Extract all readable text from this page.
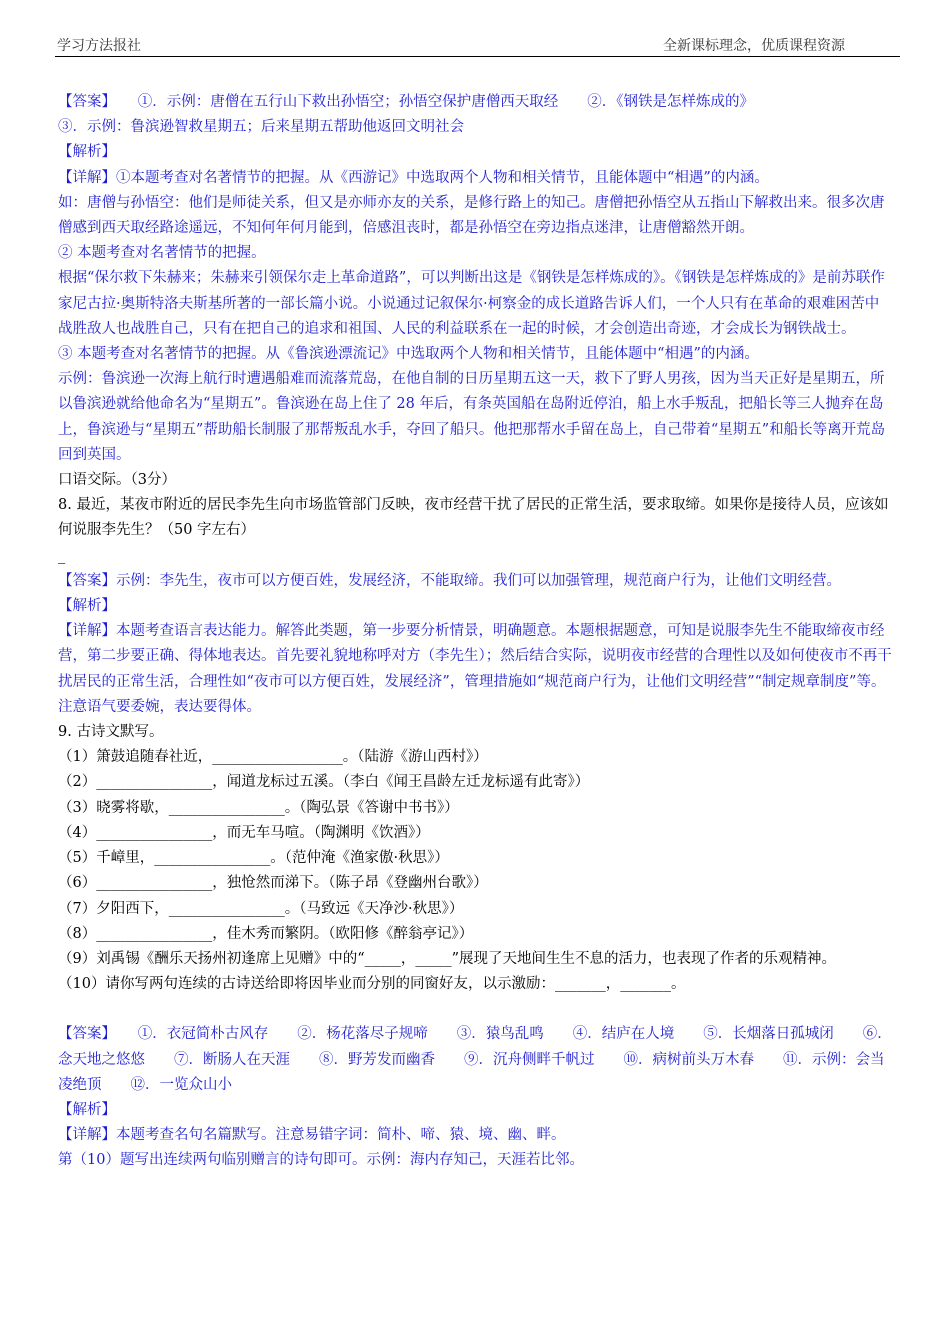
学习方法报社	全新课标理念，优质课程资源

【答案】　　①．示例：唐僧在五行山下救出孙悟空；孙悟空保护唐僧西天取经　　②．《钢铁是怎样炼成的》

③．示例：鲁滨逊智救星期五；后来星期五帮助他返回文明社会

【解析】

【详解】①本题考查对名著情节的把握。从《西游记》中选取两个人物和相关情节，且能体题中“相遇”的内涵。

如：唐僧与孙悟空：他们是师徒关系，但又是亦师亦友的关系，是修行路上的知己。唐僧把孙悟空从五指山下解救出来。很多次唐僧感到西天取经路途遥远，不知何年何月能到，倍感沮丧时，都是孙悟空在旁边指点迷津，让唐僧豁然开朗。

② 本题考查对名著情节的把握。

根据“保尔救下朱赫来；朱赫来引领保尔走上革命道路”，可以判断出这是《钢铁是怎样炼成的》。《钢铁是怎样炼成的》是前苏联作家尼古拉·奥斯特洛夫斯基所著的一部长篇小说。小说通过记叙保尔·柯察金的成长道路告诉人们，一个人只有在革命的艰难困苦中战胜敌人也战胜自己，只有在把自己的追求和祖国、人民的利益联系在一起的时候，才会创造出奇迹，才会成长为钢铁战士。

③ 本题考查对名著情节的把握。从《鲁滨逊漂流记》中选取两个人物和相关情节，且能体题中“相遇”的内涵。

示例：鲁滨逊一次海上航行时遭遇船难而流落荒岛，在他自制的日历星期五这一天，救下了野人男孩，因为当天正好是星期五，所以鲁滨逊就给他命名为“星期五”。鲁滨逊在岛上住了 28 年后，有条英国船在岛附近停泊，船上水手叛乱，把船长等三人抛弃在岛上，鲁滨逊与“星期五”帮助船长制服了那帮叛乱水手，夺回了船只。他把那帮水手留在岛上，自己带着“星期五”和船长等离开荒岛回到英国。

口语交际。（3分）

8. 最近，某夜市附近的居民李先生向市场监管部门反映，夜市经营干扰了居民的正常生活，要求取缔。如果你是接待人员，应该如何说服李先生？（50 字左右）

_

【答案】示例：李先生，夜市可以方便百姓，发展经济，不能取缔。我们可以加强管理，规范商户行为，让他们文明经营。

【解析】

【详解】本题考查语言表达能力。解答此类题，第一步要分析情景，明确题意。本题根据题意，可知是说服李先生不能取缔夜市经营，第二步要正确、得体地表达。首先要礼貌地称呼对方（李先生）；然后结合实际，说明夜市经营的合理性以及如何使夜市不再干扰居民的正常生活，合理性如“夜市可以方便百姓，发展经济”，管理措施如“规范商户行为，让他们文明经营”“制定规章制度”等。注意语气要委婉，表达要得体。

9. 古诗文默写。

（1）箫鼓追随春社近，__________________。（陆游《游山西村》）

（2）________________，闻道龙标过五溪。（李白《闻王昌龄左迁龙标遥有此寄》）

（3）晓雾将歇，________________。（陶弘景《答谢中书书》）

（4）________________，而无车马喧。（陶渊明《饮酒》）

（5）千嶂里，________________。（范仲淹《渔家傲·秋思》）

（6）________________，独怆然而涕下。（陈子昂《登幽州台歌》）

（7）夕阳西下，________________。（马致远《天净沙·秋思》）

（8）________________，佳木秀而繁阴。（欧阳修《醉翁亭记》）

（9）刘禹锡《酬乐天扬州初逢席上见赠》中的“_____，_____”展现了天地间生生不息的活力，也表现了作者的乐观精神。

（10）请你写两句连续的古诗送给即将因毕业而分别的同窗好友，以示激励：_______，_______。

【答案】　　①．衣冠简朴古风存　　②．杨花落尽子规啼　　③．猿鸟乱鸣　　④．结庐在人境　　⑤．长烟落日孤城闭　　⑥．念天地之悠悠　　⑦．断肠人在天涯　　⑧．野芳发而幽香　　⑨．沉舟侧畔千帆过　　⑩．病树前头万木春　　⑪．示例：会当凌绝顶　　⑫．一览众山小

【解析】

【详解】本题考查名句名篇默写。注意易错字词：简朴、啼、猿、境、幽、畔。

第（10）题写出连续两句临别赠言的诗句即可。示例：海内存知己，天涯若比邻。
